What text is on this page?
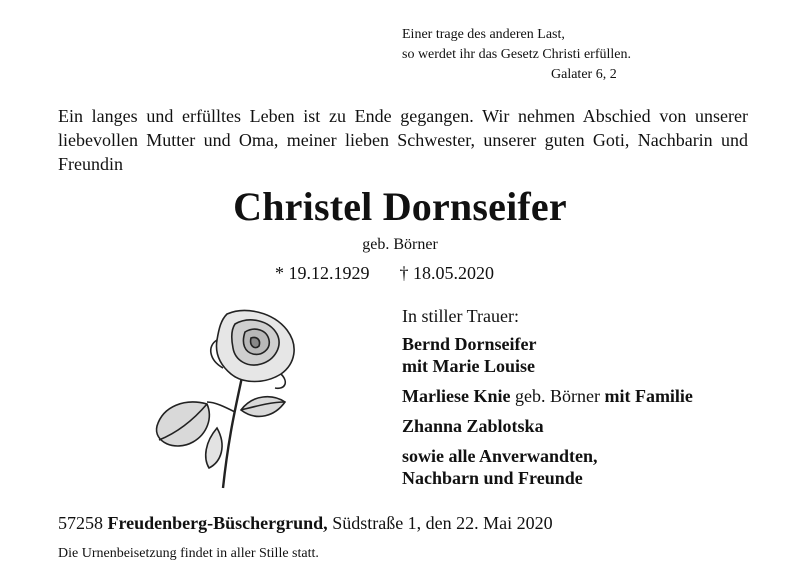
Einer trage des anderen Last,
so werdet ihr das Gesetz Christi erfüllen.
Galater 6, 2
Ein langes und erfülltes Leben ist zu Ende gegangen. Wir nehmen Abschied von unserer liebevollen Mutter und Oma, meiner lieben Schwester, unserer guten Goti, Nachbarin und Freundin
Christel Dornseifer
geb. Börner
* 19.12.1929 † 18.05.2020
In stiller Trauer:
Bernd Dornseifer
mit Marie Louise
Marliese Knie geb. Börner mit Familie
Zhanna Zablotska
sowie alle Anverwandten,
Nachbarn und Freunde
57258 Freudenberg-Büschergrund, Südstraße 1, den 22. Mai 2020
Die Urnenbeisetzung findet in aller Stille statt.
